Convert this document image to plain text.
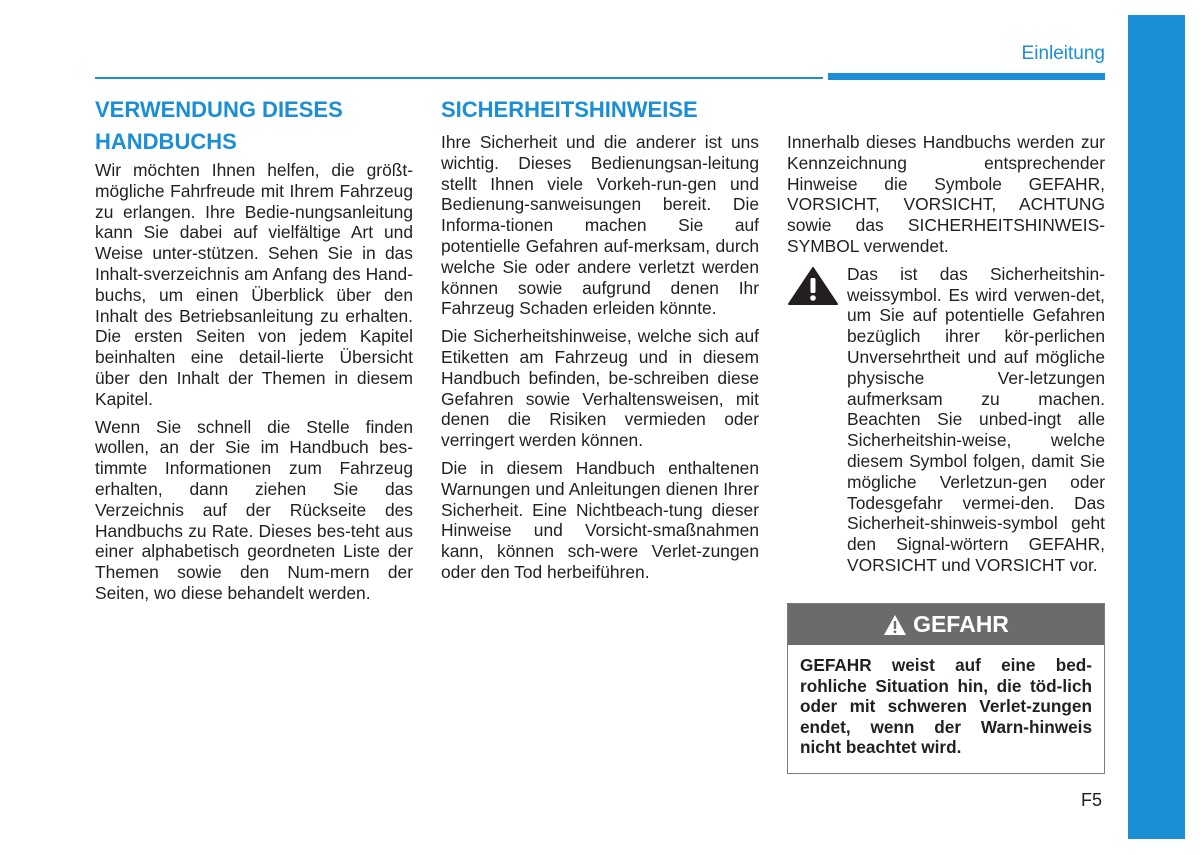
Einleitung
VERWENDUNG DIESES
HANDBUCHS

Wir möchten Ihnen helfen, die größt-mögliche Fahrfreude mit Ihrem Fahrzeug zu erlangen. Ihre Bedie-nungsanleitung kann Sie dabei auf vielfältige Art und Weise unter-stützen. Sehen Sie in das Inhalt-sverzeichnis am Anfang des Hand-buchs, um einen Überblick über den Inhalt des Betriebsanleitung zu erhalten. Die ersten Seiten von jedem Kapitel beinhalten eine detail-lierte Übersicht über den Inhalt der Themen in diesem Kapitel.

Wenn Sie schnell die Stelle finden wollen, an der Sie im Handbuch bes-timmte Informationen zum Fahrzeug erhalten, dann ziehen Sie das Verzeichnis auf der Rückseite des Handbuchs zu Rate. Dieses bes-teht aus einer alphabetisch geordneten Liste der Themen sowie den Num-mern der Seiten, wo diese behandelt werden.

SICHERHEITSHINWEISE

Ihre Sicherheit und die anderer ist uns wichtig. Dieses Bedienungsan-leitung stellt Ihnen viele Vorkeh-run-gen und Bedienung-sanweisungen bereit. Die Informa-tionen machen Sie auf potentielle Gefahren auf-merksam, durch welche Sie oder andere verletzt werden können sowie aufgrund denen Ihr Fahrzeug Schaden erleiden könnte.

Die Sicherheitshinweise, welche sich auf Etiketten am Fahrzeug und in diesem Handbuch befinden, be-schreiben diese Gefahren sowie Verhaltensweisen, mit denen die Risiken vermieden oder verringert werden können.

Die in diesem Handbuch enthaltenen Warnungen und Anleitungen dienen Ihrer Sicherheit. Eine Nichtbeach-tung dieser Hinweise und Vorsicht-smaßnahmen kann, können sch-were Verlet-zungen oder den Tod herbeiführen.

Innerhalb dieses Handbuchs werden zur Kennzeichnung entsprechender Hinweise die Symbole GEFAHR, VORSICHT, VORSICHT, ACHTUNG sowie das SICHERHEITSHINWEIS-SYMBOL verwendet.

Das ist das Sicherheitshin-weissymbol. Es wird verwen-det, um Sie auf potentielle Gefahren bezüglich ihrer kör-perlichen Unversehrtheit und auf mögliche physische Ver-letzungen aufmerksam zu machen. Beachten Sie unbed-ingt alle Sicherheitshin-weise, welche diesem Symbol folgen, damit Sie mögliche Verletzun-gen oder Todesgefahr vermei-den. Das Sicherheit-shinweis-symbol geht den Signal-wörtern GEFAHR, VORSICHT und VORSICHT vor.

GEFAHR

GEFAHR weist auf eine bed-rohliche Situation hin, die töd-lich oder mit schweren Verlet-zungen endet, wenn der Warn-hinweis nicht beachtet wird.

F5
